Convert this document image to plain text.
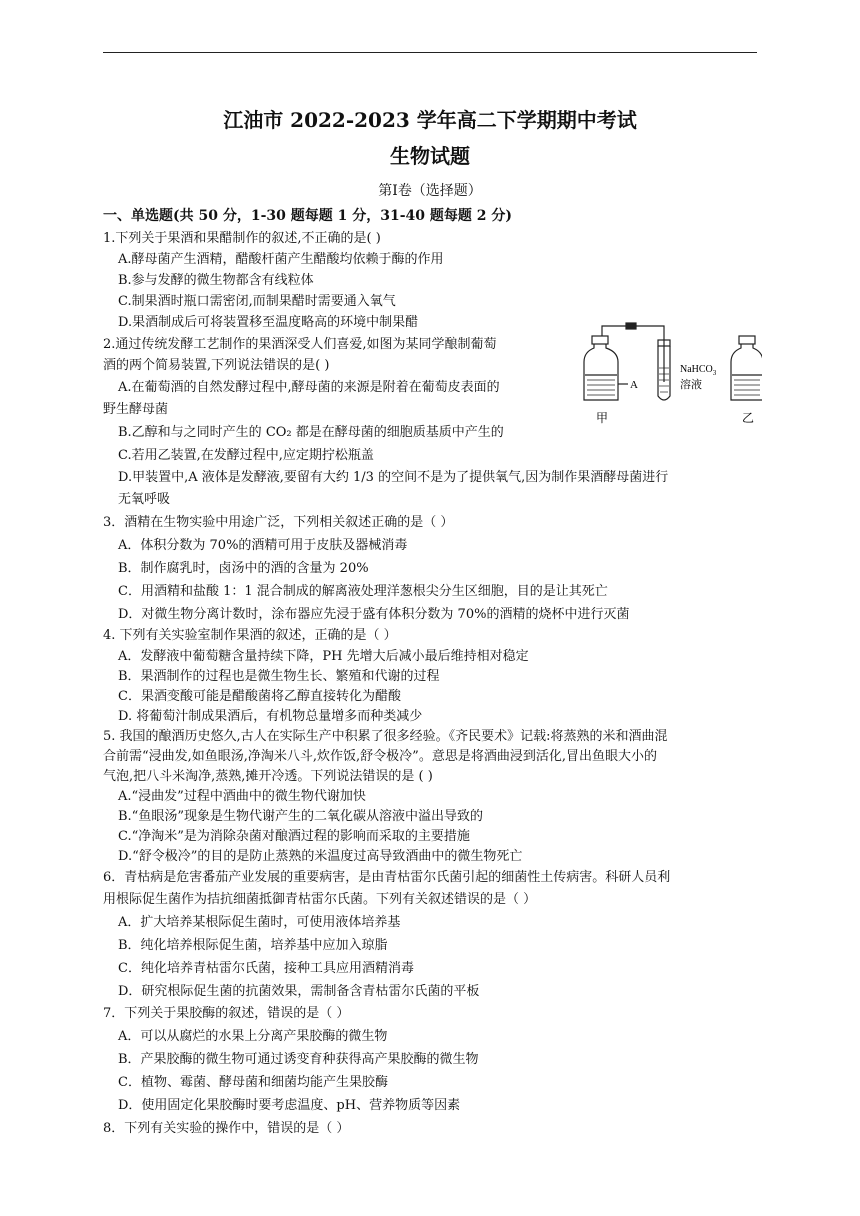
江油市 2022-2023 学年高二下学期期中考试
生物试题
第Ⅰ卷（选择题）
一、单选题(共 50 分，1-30 题每题 1 分，31-40 题每题 2 分)
1.下列关于果酒和果醋制作的叙述,不正确的是( )
A.酵母菌产生酒精，醋酸杆菌产生醋酸均依赖于酶的作用
B.参与发酵的微生物都含有线粒体
C.制果酒时瓶口需密闭,而制果醋时需要通入氧气
D.果酒制成后可将装置移至温度略高的环境中制果醋
2.通过传统发酵工艺制作的果酒深受人们喜爱,如图为某同学酿制葡萄
酒的两个简易装置,下列说法错误的是( )
A.在葡萄酒的自然发酵过程中,酵母菌的来源是附着在葡萄皮表面的
野生酵母菌
B.乙醇和与之同时产生的 CO₂ 都是在酵母菌的细胞质基质中产生的
C.若用乙装置,在发酵过程中,应定期拧松瓶盖
D.甲装置中,A 液体是发酵液,要留有大约 1/3 的空间不是为了提供氧气,因为制作果酒酵母菌进行
无氧呼吸
3．酒精在生物实验中用途广泛，下列相关叙述正确的是（ ）
A．体积分数为 70%的酒精可用于皮肤及器械消毒
B．制作腐乳时，卤汤中的酒的含量为 20%
C．用酒精和盐酸 1：1 混合制成的解离液处理洋葱根尖分生区细胞，目的是让其死亡
D．对微生物分离计数时，涂布器应先浸于盛有体积分数为 70%的酒精的烧杯中进行灭菌
4. 下列有关实验室制作果酒的叙述，正确的是（ ）
A．发酵液中葡萄糖含量持续下降，PH 先增大后减小最后维持相对稳定
B．果酒制作的过程也是微生物生长、繁殖和代谢的过程
C．果酒变酸可能是醋酸菌将乙醇直接转化为醋酸
D. 将葡萄汁制成果酒后，有机物总量增多而种类减少
5. 我国的酿酒历史悠久,古人在实际生产中积累了很多经验。《齐民要术》记载:将蒸熟的米和酒曲混
合前需“浸曲发,如鱼眼汤,净淘米八斗,炊作饭,舒令极冷”。意思是将酒曲浸到活化,冒出鱼眼大小的
气泡,把八斗米淘净,蒸熟,摊开冷透。下列说法错误的是 ( )
A.“浸曲发”过程中酒曲中的微生物代谢加快
B.“鱼眼汤”现象是生物代谢产生的二氧化碳从溶液中溢出导致的
C.“净淘米”是为消除杂菌对酿酒过程的影响而采取的主要措施
D.“舒令极冷”的目的是防止蒸熟的米温度过高导致酒曲中的微生物死亡
6．青枯病是危害番茄产业发展的重要病害，是由青枯雷尔氏菌引起的细菌性土传病害。科研人员利
用根际促生菌作为拮抗细菌抵御青枯雷尔氏菌。下列有关叙述错误的是（ ）
A．扩大培养某根际促生菌时，可使用液体培养基
B．纯化培养根际促生菌，培养基中应加入琼脂
C．纯化培养青枯雷尔氏菌，接种工具应用酒精消毒
D．研究根际促生菌的抗菌效果，需制备含青枯雷尔氏菌的平板
7．下列关于果胶酶的叙述，错误的是（ ）
A．可以从腐烂的水果上分离产果胶酶的微生物
B．产果胶酶的微生物可通过诱变育种获得高产果胶酶的微生物
C．植物、霉菌、酵母菌和细菌均能产生果胶酶
D．使用固定化果胶酶时要考虑温度、pH、营养物质等因素
8．下列有关实验的操作中，错误的是（ ）
A
NaHCO$_3$
溶液
甲	乙
